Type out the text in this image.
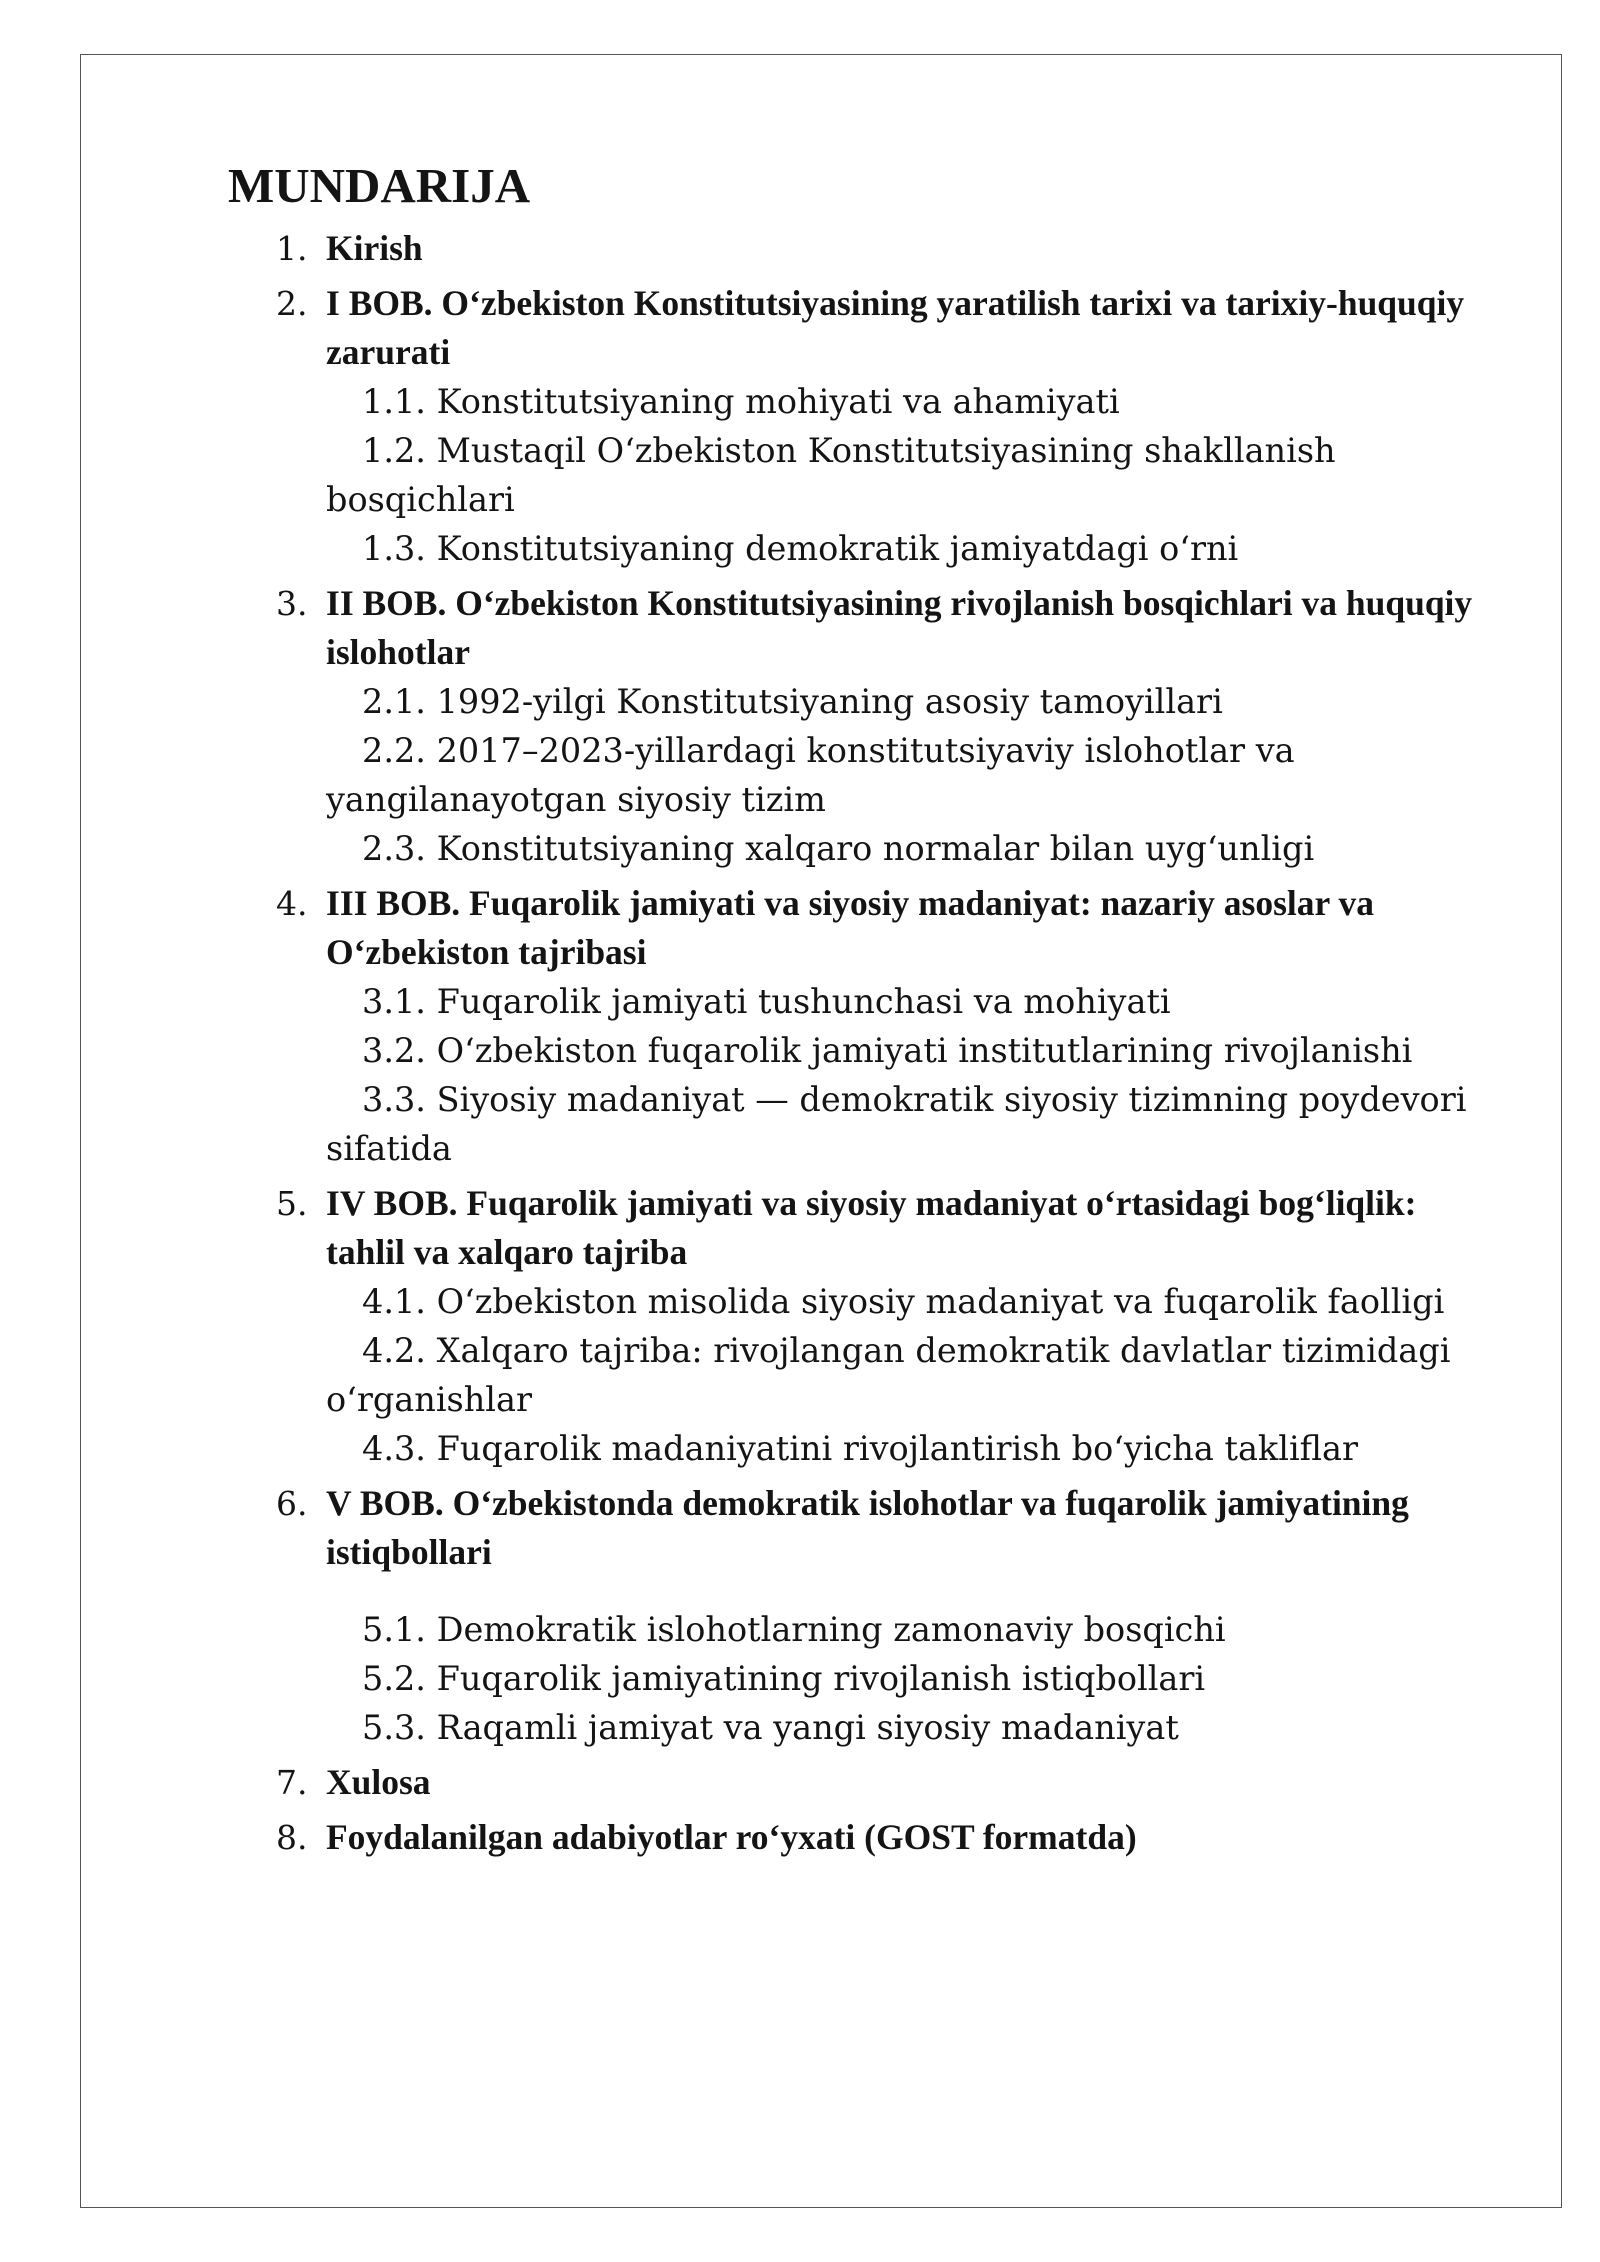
MUNDARIJA
1. Kirish
2. I BOB. O‘zbekiston Konstitutsiyasining yaratilish tarixi va tarixiy-huquqiy zarurati
1.1. Konstitutsiyaning mohiyati va ahamiyati
1.2. Mustaqil O‘zbekiston Konstitutsiyasining shakllanish bosqichlari
1.3. Konstitutsiyaning demokratik jamiyatdagi o‘rni
3. II BOB. O‘zbekiston Konstitutsiyasining rivojlanish bosqichlari va huquqiy islohotlar
2.1. 1992-yilgi Konstitutsiyaning asosiy tamoyillari
2.2. 2017–2023-yillardagi konstitutsiyaviy islohotlar va yangilanayotgan siyosiy tizim
2.3. Konstitutsiyaning xalqaro normalar bilan uyg‘unligi
4. III BOB. Fuqarolik jamiyati va siyosiy madaniyat: nazariy asoslar va O‘zbekiston tajribasi
3.1. Fuqarolik jamiyati tushunchasi va mohiyati
3.2. O‘zbekiston fuqarolik jamiyati institutlarining rivojlanishi
3.3. Siyosiy madaniyat — demokratik siyosiy tizimning poydevori sifatida
5. IV BOB. Fuqarolik jamiyati va siyosiy madaniyat o‘rtasidagi bog‘liqlik: tahlil va xalqaro tajriba
4.1. O‘zbekiston misolida siyosiy madaniyat va fuqarolik faolligi
4.2. Xalqaro tajriba: rivojlangan demokratik davlatlar tizimidagi o‘rganishlar
4.3. Fuqarolik madaniyatini rivojlantirish bo‘yicha takliflar
6. V BOB. O‘zbekistonda demokratik islohotlar va fuqarolik jamiyatining istiqbollari
5.1. Demokratik islohotlarning zamonaviy bosqichi
5.2. Fuqarolik jamiyatining rivojlanish istiqbollari
5.3. Raqamli jamiyat va yangi siyosiy madaniyat
7. Xulosa
8. Foydalanilgan adabiyotlar ro‘yxati (GOST formatda)
